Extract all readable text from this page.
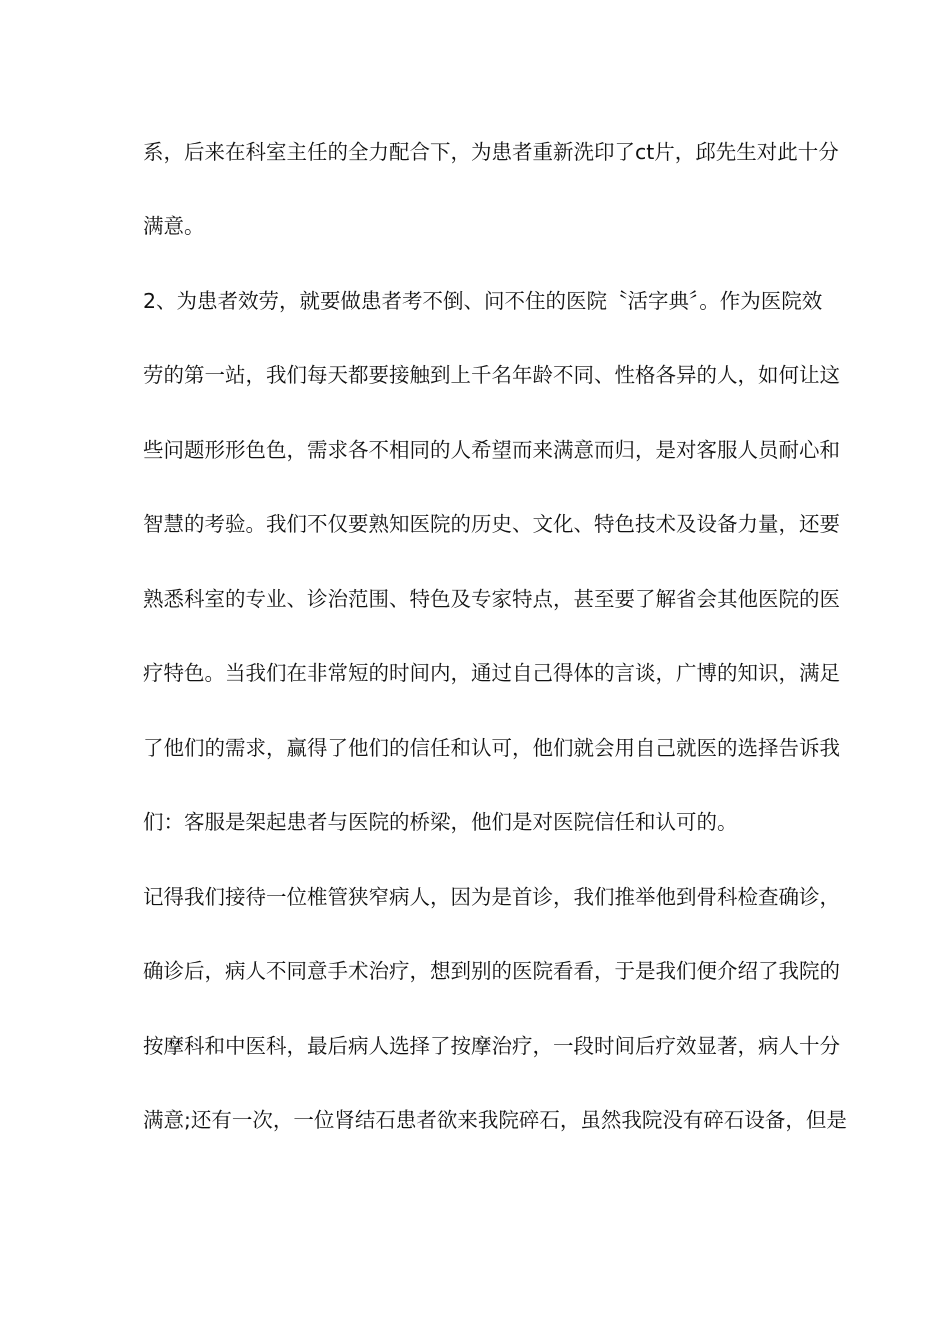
系，后来在科室主任的全力配合下，为患者重新洗印了ct片，邱先生对此十分
满意。
2、为患者效劳，就要做患者考不倒、问不住的医院〝活字典〞。作为医院效
劳的第一站，我们每天都要接触到上千名年龄不同、性格各异的人，如何让这
些问题形形色色，需求各不相同的人希望而来满意而归，是对客服人员耐心和
智慧的考验。我们不仅要熟知医院的历史、文化、特色技术及设备力量，还要
熟悉科室的专业、诊治范围、特色及专家特点，甚至要了解省会其他医院的医
疗特色。当我们在非常短的时间内，通过自己得体的言谈，广博的知识，满足
了他们的需求，赢得了他们的信任和认可，他们就会用自己就医的选择告诉我
们：客服是架起患者与医院的桥梁，他们是对医院信任和认可的。
记得我们接待一位椎管狭窄病人，因为是首诊，我们推举他到骨科检查确诊，
确诊后，病人不同意手术治疗，想到别的医院看看，于是我们便介绍了我院的
按摩科和中医科，最后病人选择了按摩治疗，一段时间后疗效显著，病人十分
满意;还有一次，一位肾结石患者欲来我院碎石，虽然我院没有碎石设备，但是
